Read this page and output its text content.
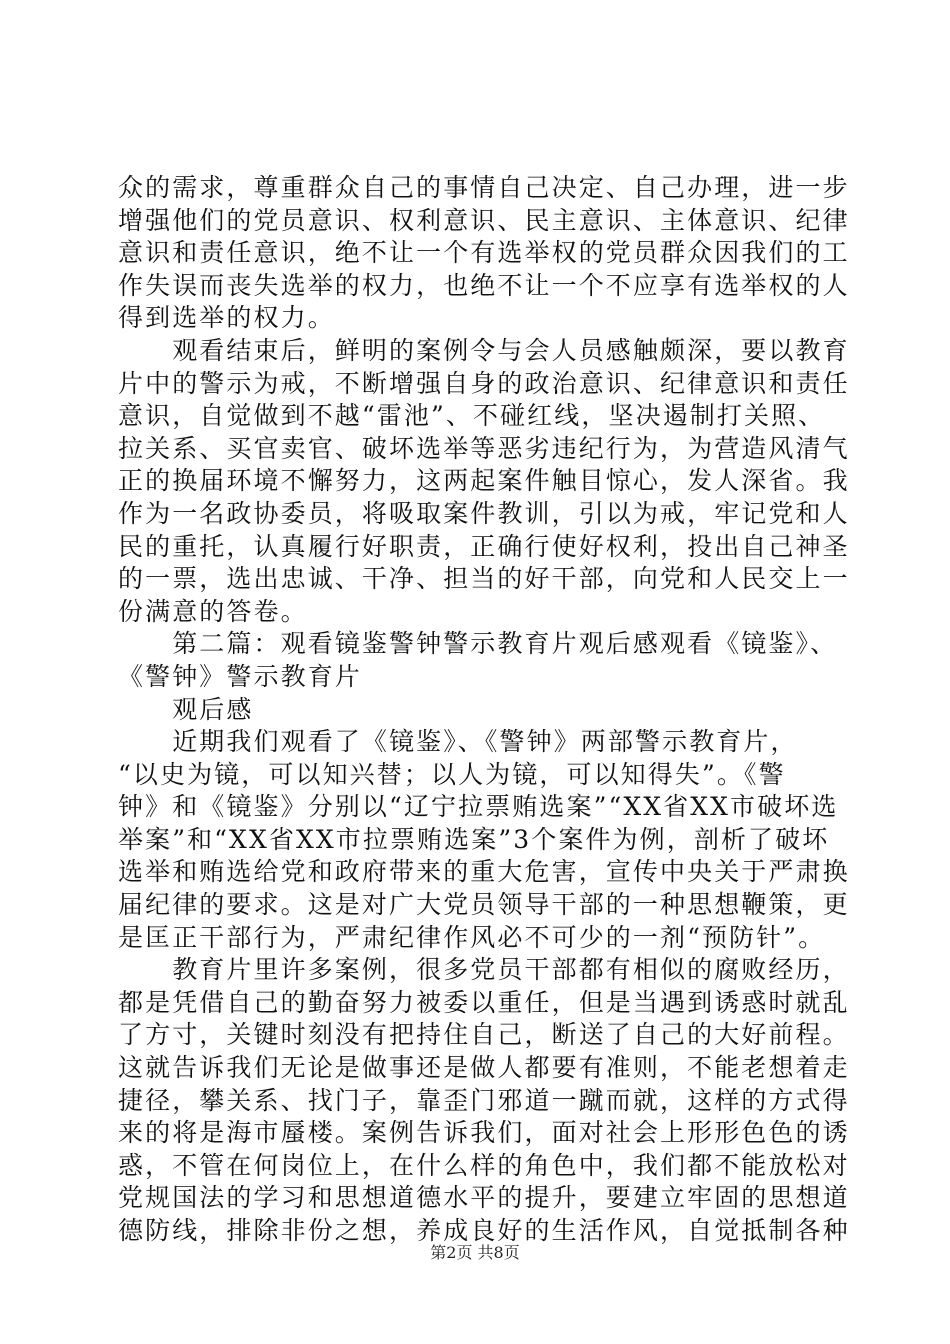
众的需求，尊重群众自己的事情自己决定、自己办理，进一步
增强他们的党员意识、权利意识、民主意识、主体意识、纪律
意识和责任意识，绝不让一个有选举权的党员群众因我们的工
作失误而丧失选举的权力，也绝不让一个不应享有选举权的人
得到选举的权力。
　　观看结束后，鲜明的案例令与会人员感触颇深，要以教育
片中的警示为戒，不断增强自身的政治意识、纪律意识和责任
意识，自觉做到不越“雷池”、不碰红线，坚决遏制打关照、
拉关系、买官卖官、破坏选举等恶劣违纪行为，为营造风清气
正的换届环境不懈努力，这两起案件触目惊心，发人深省。我
作为一名政协委员，将吸取案件教训，引以为戒，牢记党和人
民的重托，认真履行好职责，正确行使好权利，投出自己神圣
的一票，选出忠诚、干净、担当的好干部，向党和人民交上一
份满意的答卷。
　　第二篇：观看镜鉴警钟警示教育片观后感观看《镜鉴》、
《警钟》警示教育片
　　观后感
　　近期我们观看了《镜鉴》、《警钟》两部警示教育片，
“以史为镜，可以知兴替；以人为镜，可以知得失”。《警
钟》和《镜鉴》分别以“辽宁拉票贿选案”“XX省XX市破坏选
举案”和“XX省XX市拉票贿选案”3个案件为例，剖析了破坏
选举和贿选给党和政府带来的重大危害，宣传中央关于严肃换
届纪律的要求。这是对广大党员领导干部的一种思想鞭策，更
是匡正干部行为，严肃纪律作风必不可少的一剂“预防针”。
　　教育片里许多案例，很多党员干部都有相似的腐败经历，
都是凭借自己的勤奋努力被委以重任，但是当遇到诱惑时就乱
了方寸，关键时刻没有把持住自己，断送了自己的大好前程。
这就告诉我们无论是做事还是做人都要有准则，不能老想着走
捷径，攀关系、找门子，靠歪门邪道一蹴而就，这样的方式得
来的将是海市蜃楼。案例告诉我们，面对社会上形形色色的诱
惑，不管在何岗位上，在什么样的角色中，我们都不能放松对
党规国法的学习和思想道德水平的提升，要建立牢固的思想道
德防线，排除非份之想，养成良好的生活作风，自觉抵制各种
第2页 共8页
